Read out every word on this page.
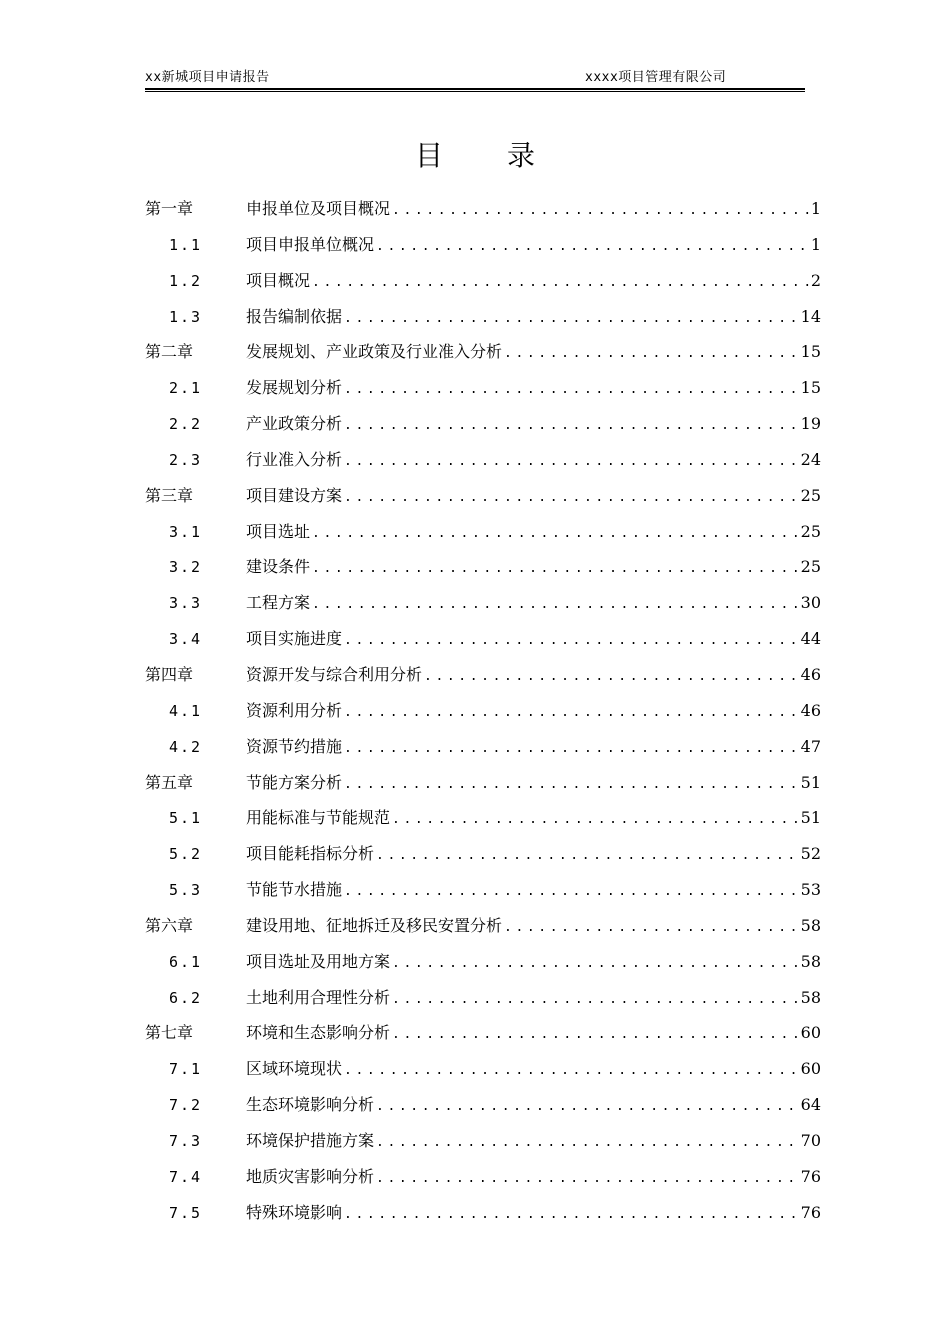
xx新城项目申请报告	xxxx项目管理有限公司
目录
第一章	申报单位及项目概况 .....	1
1.1	项目申报单位概况 .....	1
1.2	项目概况 .....	2
1.3	报告编制依据 .....	14
第二章	发展规划、产业政策及行业准入分析 .....	15
2.1	发展规划分析 .....	15
2.2	产业政策分析 .....	19
2.3	行业准入分析 .....	24
第三章	项目建设方案 .....	25
3.1	项目选址 .....	25
3.2	建设条件 .....	25
3.3	工程方案 .....	30
3.4	项目实施进度 .....	44
第四章	资源开发与综合利用分析 .....	46
4.1	资源利用分析 .....	46
4.2	资源节约措施 .....	47
第五章	节能方案分析 .....	51
5.1	用能标准与节能规范 .....	51
5.2	项目能耗指标分析 .....	52
5.3	节能节水措施 .....	53
第六章	建设用地、征地拆迁及移民安置分析 .....	58
6.1	项目选址及用地方案 .....	58
6.2	土地利用合理性分析 .....	58
第七章	环境和生态影响分析 .....	60
7.1	区域环境现状 .....	60
7.2	生态环境影响分析 .....	64
7.3	环境保护措施方案 .....	70
7.4	地质灾害影响分析 .....	76
7.5	特殊环境影响 .....	76
